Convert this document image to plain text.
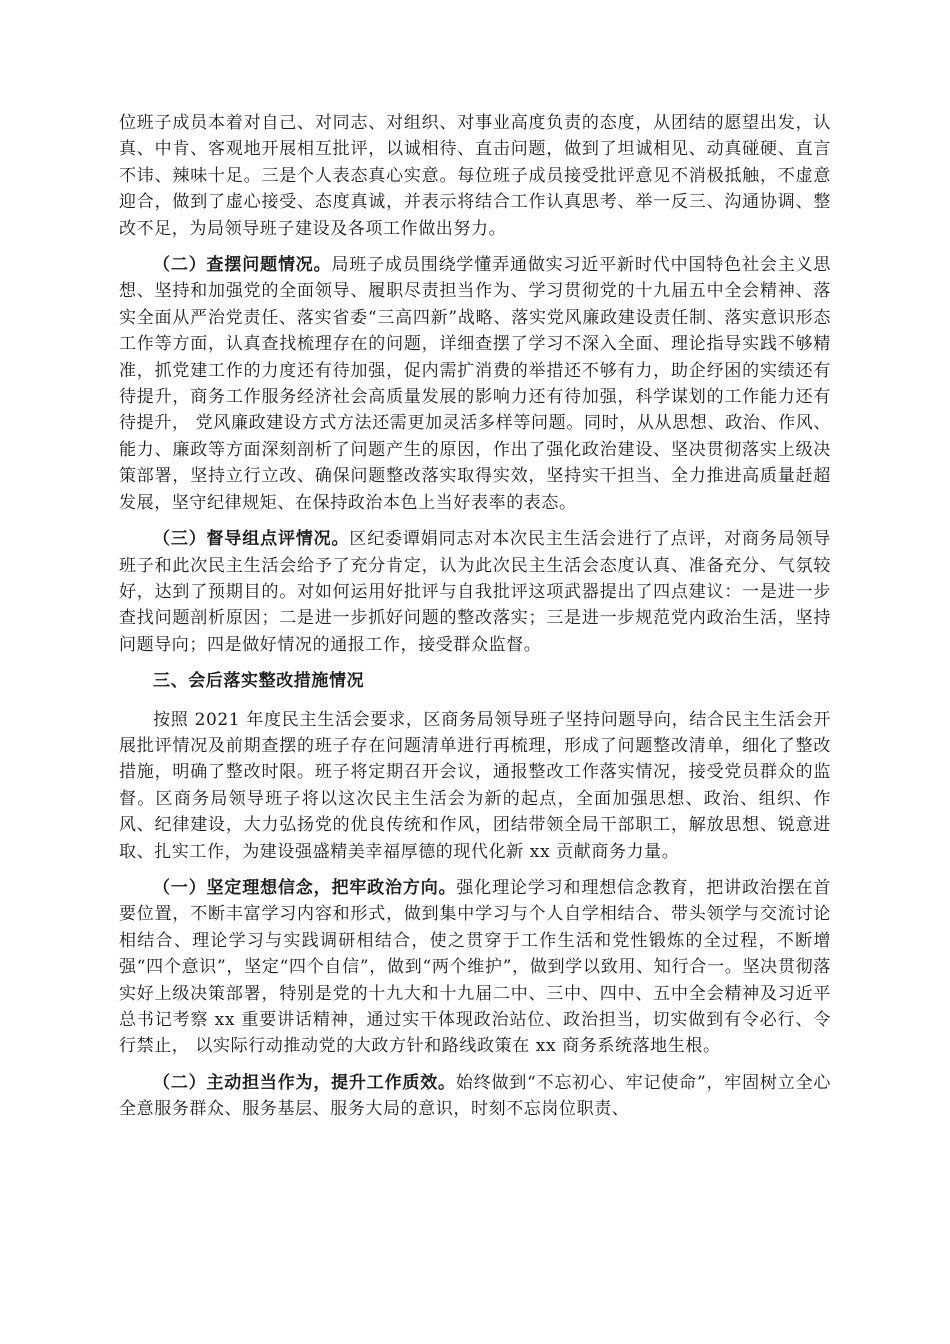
位班子成员本着对自己、对同志、对组织、对事业高度负责的态度，从团结的愿望出发，认真、中肯、客观地开展相互批评，以诚相待、直击问题，做到了坦诚相见、动真碰硬、直言不讳、辣味十足。三是个人表态真心实意。每位班子成员接受批评意见不消极抵触，不虚意迎合，做到了虚心接受、态度真诚，并表示将结合工作认真思考、举一反三、沟通协调、整改不足，为局领导班子建设及各项工作做出努力。

（二）查摆问题情况。局班子成员围绕学懂弄通做实习近平新时代中国特色社会主义思想、坚持和加强党的全面领导、履职尽责担当作为、学习贯彻党的十九届五中全会精神、落实全面从严治党责任、落实省委“三高四新”战略、落实党风廉政建设责任制、落实意识形态工作等方面，认真查找梳理存在的问题，详细查摆了学习不深入全面、理论指导实践不够精准，抓党建工作的力度还有待加强，促内需扩消费的举措还不够有力，助企纾困的实绩还有待提升，商务工作服务经济社会高质量发展的影响力还有待加强，科学谋划的工作能力还有待提升， 党风廉政建设方式方法还需更加灵活多样等问题。同时，从从思想、政治、作风、能力、廉政等方面深刻剖析了问题产生的原因，作出了强化政治建设、坚决贯彻落实上级决策部署，坚持立行立改、确保问题整改落实取得实效，坚持实干担当、全力推进高质量赶超发展，坚守纪律规矩、在保持政治本色上当好表率的表态。

（三）督导组点评情况。区纪委谭娟同志对本次民主生活会进行了点评，对商务局领导班子和此次民主生活会给予了充分肯定，认为此次民主生活会态度认真、准备充分、气氛较好，达到了预期目的。对如何运用好批评与自我批评这项武器提出了四点建议：一是进一步查找问题剖析原因；二是进一步抓好问题的整改落实；三是进一步规范党内政治生活，坚持问题导向；四是做好情况的通报工作，接受群众监督。

三、会后落实整改措施情况

按照 2021 年度民主生活会要求，区商务局领导班子坚持问题导向，结合民主生活会开展批评情况及前期查摆的班子存在问题清单进行再梳理，形成了问题整改清单，细化了整改措施，明确了整改时限。班子将定期召开会议，通报整改工作落实情况，接受党员群众的监督。区商务局领导班子将以这次民主生活会为新的起点，全面加强思想、政治、组织、作风、纪律建设，大力弘扬党的优良传统和作风，团结带领全局干部职工，解放思想、锐意进取、扎实工作，为建设强盛精美幸福厚德的现代化新 xx 贡献商务力量。

（一）坚定理想信念，把牢政治方向。强化理论学习和理想信念教育，把讲政治摆在首要位置，不断丰富学习内容和形式，做到集中学习与个人自学相结合、带头领学与交流讨论相结合、理论学习与实践调研相结合，使之贯穿于工作生活和党性锻炼的全过程，不断增强“四个意识”，坚定“四个自信”，做到“两个维护”，做到学以致用、知行合一。坚决贯彻落实好上级决策部署，特别是党的十九大和十九届二中、三中、四中、五中全会精神及习近平总书记考察 xx 重要讲话精神，通过实干体现政治站位、政治担当，切实做到有令必行、令行禁止， 以实际行动推动党的大政方针和路线政策在 xx 商务系统落地生根。

（二）主动担当作为，提升工作质效。始终做到“不忘初心、牢记使命”，牢固树立全心全意服务群众、服务基层、服务大局的意识，时刻不忘岗位职责、
